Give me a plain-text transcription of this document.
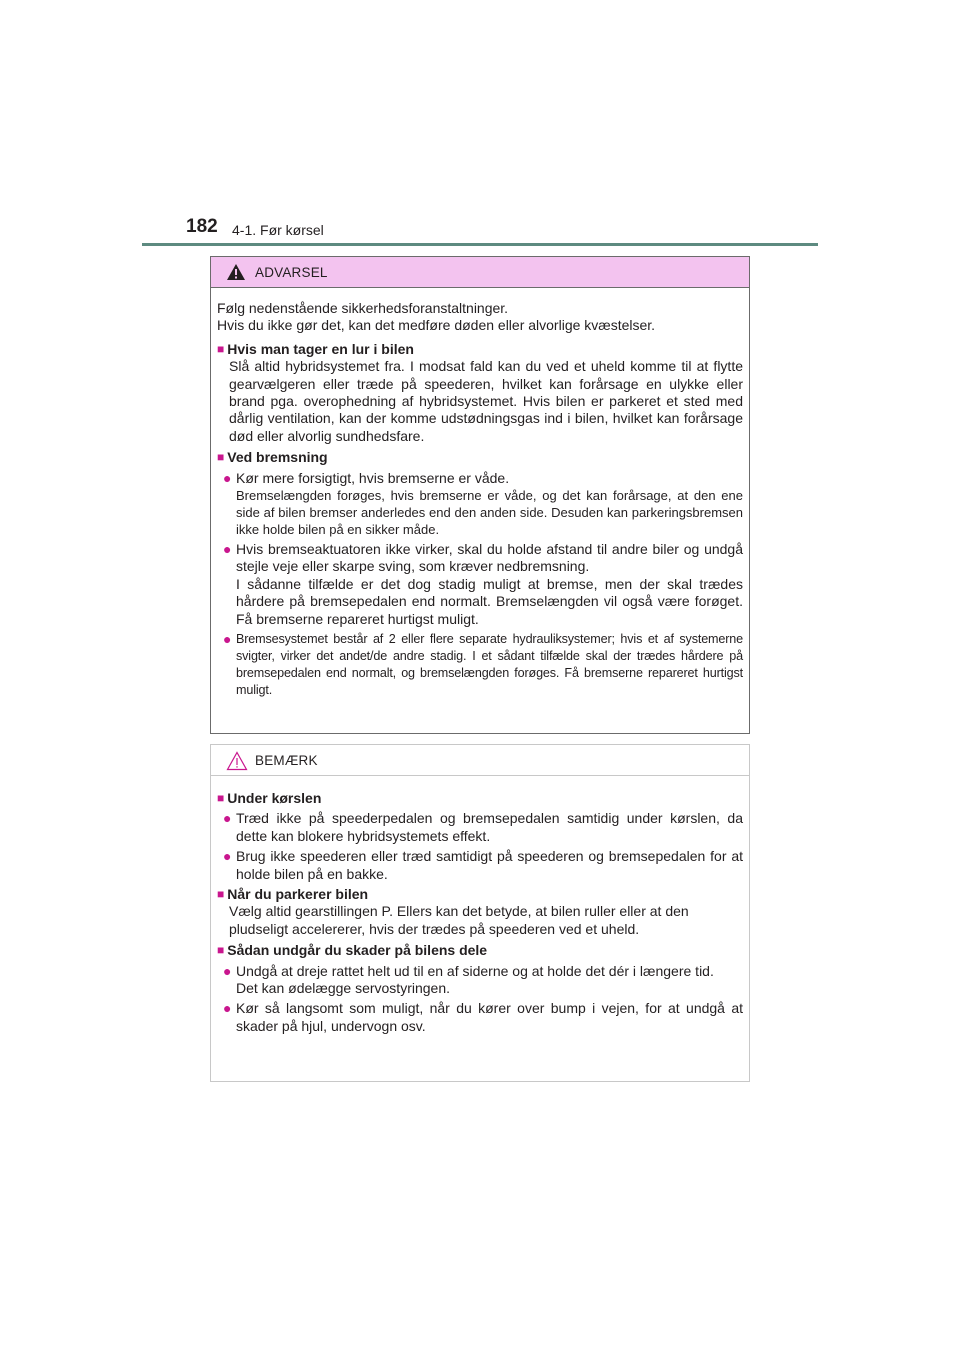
182 4-1. Før kørsel
ADVARSEL
Følg nedenstående sikkerhedsforanstaltninger.
Hvis du ikke gør det, kan det medføre døden eller alvorlige kvæstelser.
■ Hvis man tager en lur i bilen
Slå altid hybridsystemet fra. I modsat fald kan du ved et uheld komme til at flytte gearvælgeren eller træde på speederen, hvilket kan forårsage en ulykke eller brand pga. overophedning af hybridsystemet. Hvis bilen er parkeret et sted med dårlig ventilation, kan der komme udstødningsgas ind i bilen, hvilket kan forårsage død eller alvorlig sundhedsfare.
■ Ved bremsning
● Kør mere forsigtigt, hvis bremserne er våde.
Bremselængden forøges, hvis bremserne er våde, og det kan forårsage, at den ene side af bilen bremser anderledes end den anden side. Desuden kan parkeringsbremsen ikke holde bilen på en sikker måde.
● Hvis bremseaktuatoren ikke virker, skal du holde afstand til andre biler og undgå stejle veje eller skarpe sving, som kræver nedbremsning.
I sådanne tilfælde er det dog stadig muligt at bremse, men der skal trædes hårdere på bremsepedalen end normalt. Bremselængden vil også være forøget. Få bremserne repareret hurtigst muligt.
● Bremsesystemet består af 2 eller flere separate hydrauliksystemer; hvis et af systemerne svigter, virker det andet/de andre stadig. I et sådant tilfælde skal der trædes hårdere på bremsepedalen end normalt, og bremselængden forøges. Få bremserne repareret hurtigst muligt.
BEMÆRK
■ Under kørslen
● Træd ikke på speederpedalen og bremsepedalen samtidig under kørslen, da dette kan blokere hybridsystemets effekt.
● Brug ikke speederen eller træd samtidigt på speederen og bremsepedalen for at holde bilen på en bakke.
■ Når du parkerer bilen
Vælg altid gearstillingen P. Ellers kan det betyde, at bilen ruller eller at den pludseligt accelererer, hvis der trædes på speederen ved et uheld.
■ Sådan undgår du skader på bilens dele
● Undgå at dreje rattet helt ud til en af siderne og at holde det dér i længere tid.
Det kan ødelægge servostyringen.
● Kør så langsomt som muligt, når du kører over bump i vejen, for at undgå at skader på hjul, undervogn osv.
